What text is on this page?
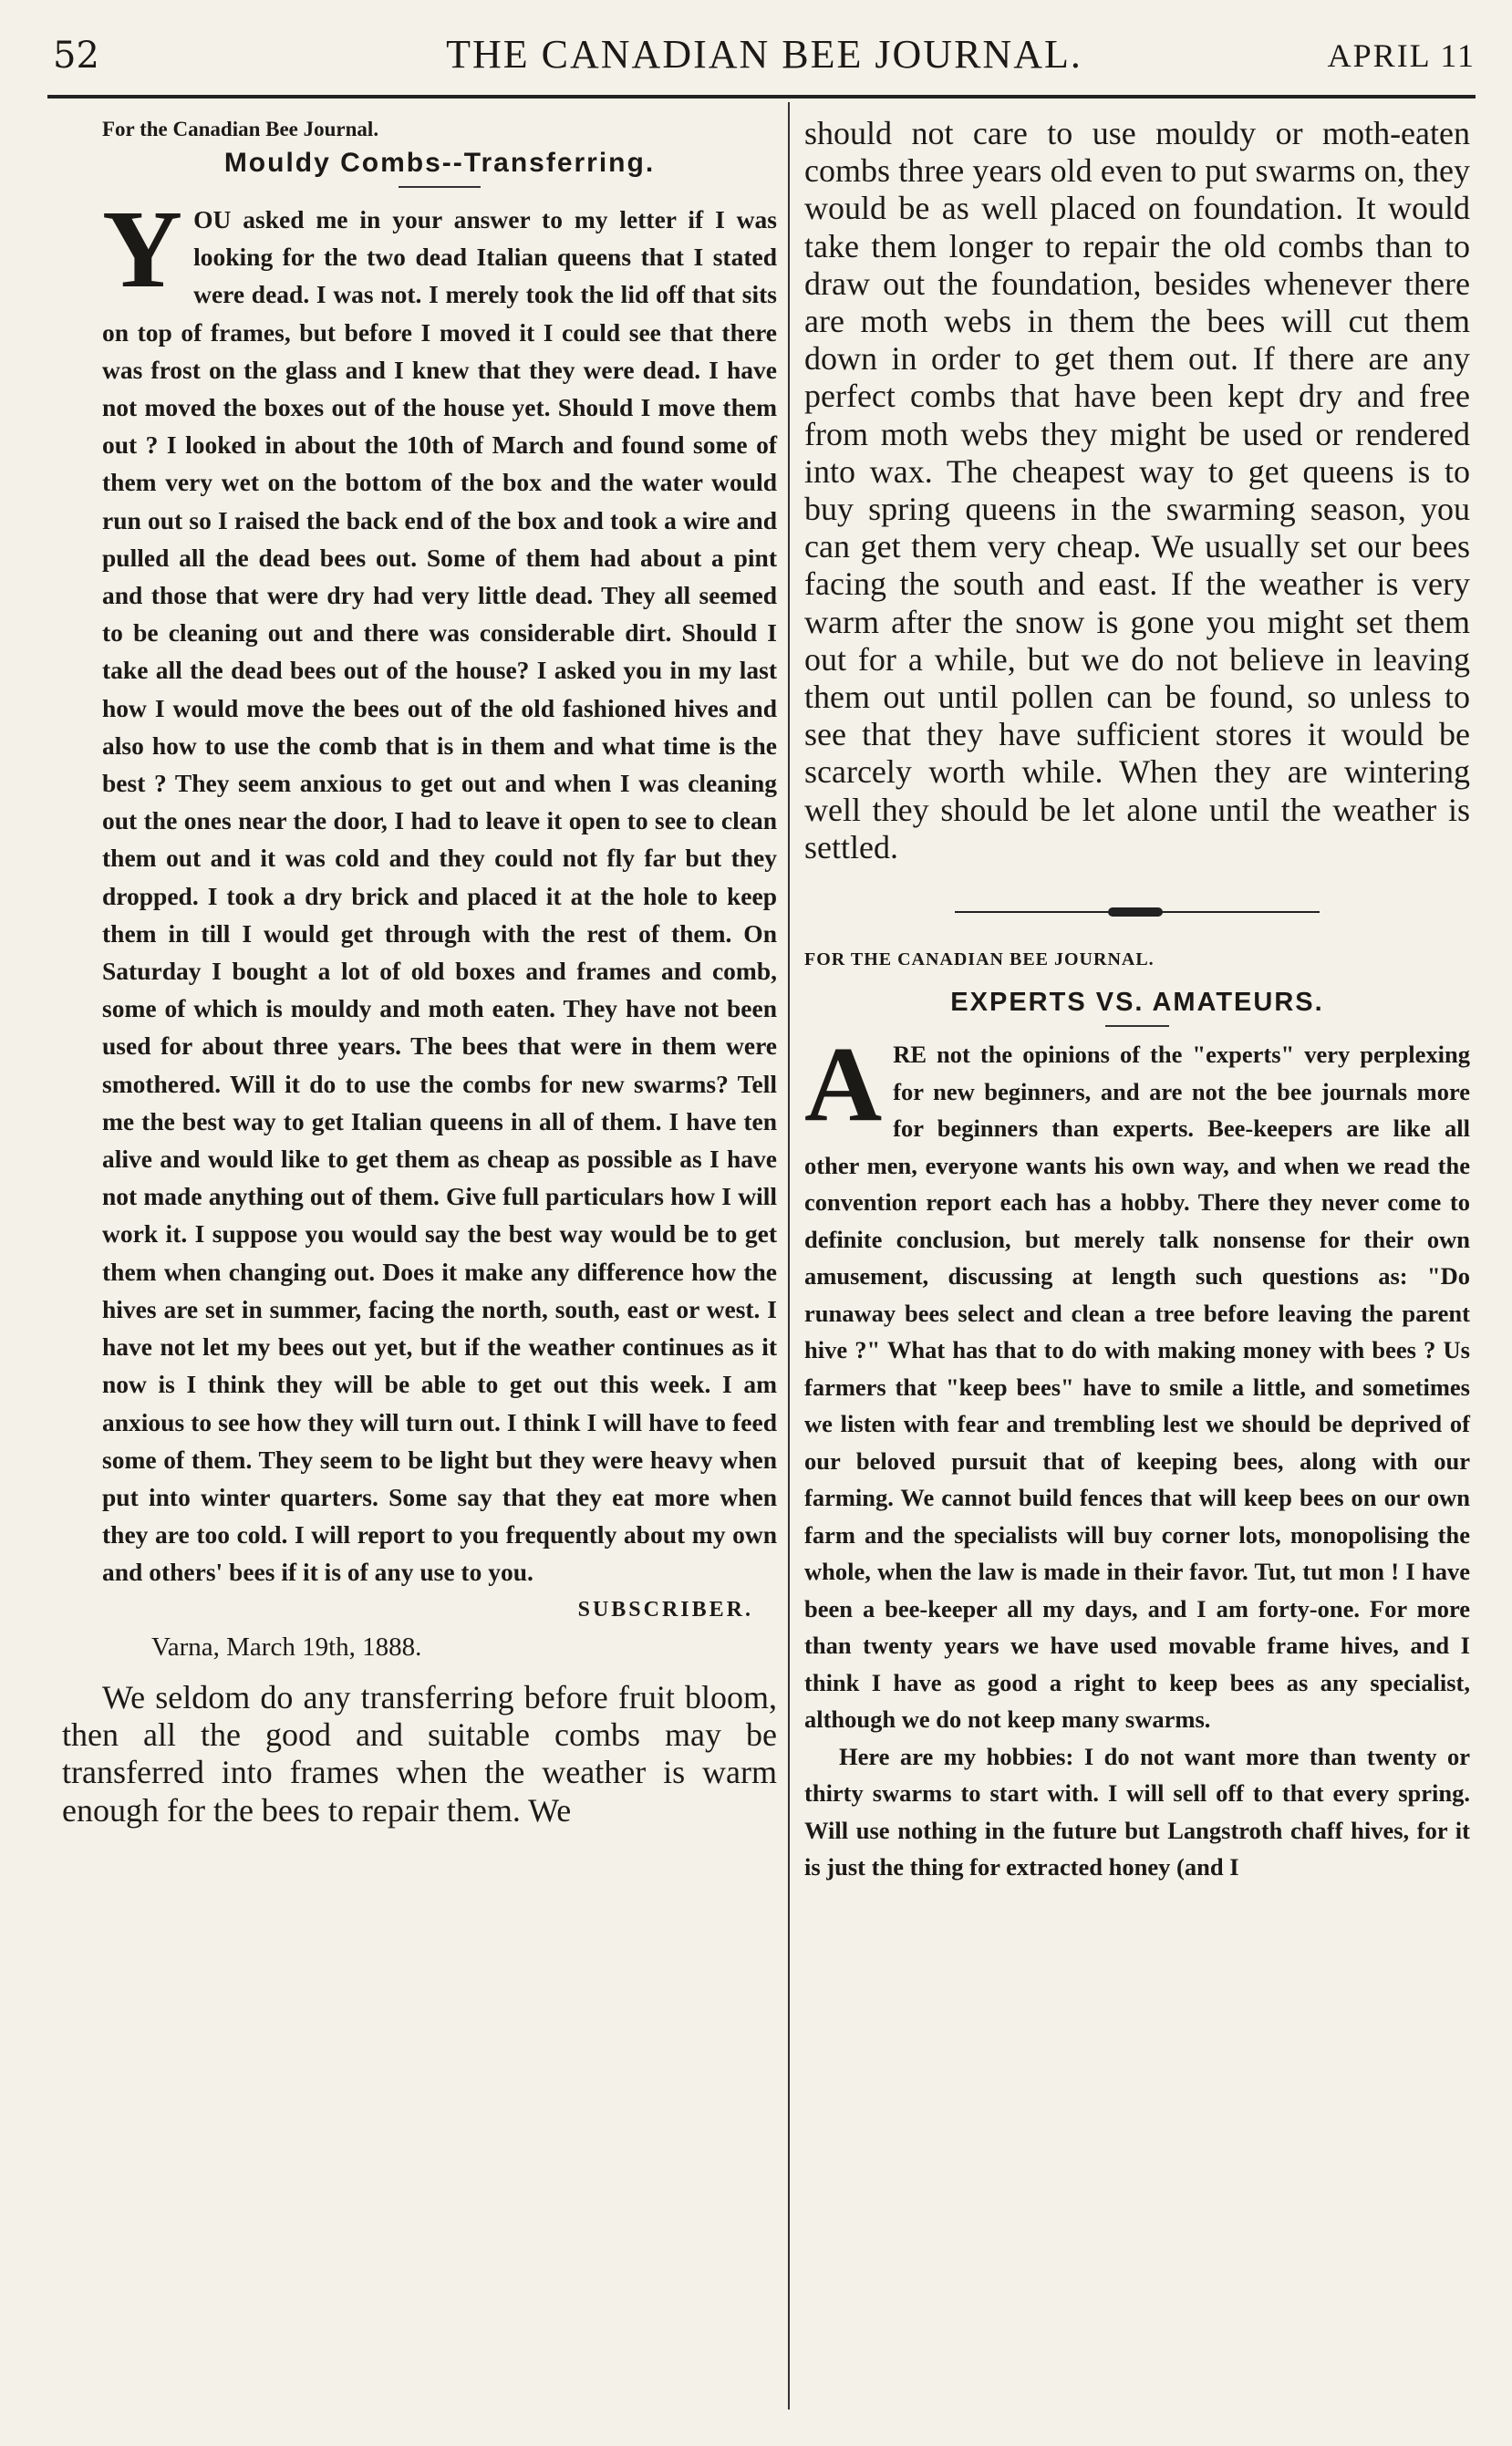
52	THE CANADIAN BEE JOURNAL.	APRIL 11

For the Canadian Bee Journal.

Mouldy Combs--Transferring.

YOU asked me in your answer to my letter if I was looking for the two dead Italian queens that I stated were dead. I was not. I merely took the lid off that sits on top of frames, but before I moved it I could see that there was frost on the glass and I knew that they were dead. I have not moved the boxes out of the house yet. Should I move them out ? I looked in about the 10th of March and found some of them very wet on the bottom of the box and the water would run out so I raised the back end of the box and took a wire and pulled all the dead bees out. Some of them had about a pint and those that were dry had very little dead. They all seemed to be cleaning out and there was considerable dirt. Should I take all the dead bees out of the house? I asked you in my last how I would move the bees out of the old fashioned hives and also how to use the comb that is in them and what time is the best ? They seem anxious to get out and when I was cleaning out the ones near the door, I had to leave it open to see to clean them out and it was cold and they could not fly far but they dropped. I took a dry brick and placed it at the hole to keep them in till I would get through with the rest of them. On Saturday I bought a lot of old boxes and frames and comb, some of which is mouldy and moth eaten. They have not been used for about three years. The bees that were in them were smothered. Will it do to use the combs for new swarms? Tell me the best way to get Italian queens in all of them. I have ten alive and would like to get them as cheap as possible as I have not made anything out of them. Give full particulars how I will work it. I suppose you would say the best way would be to get them when changing out. Does it make any difference how the hives are set in summer, facing the north, south, east or west. I have not let my bees out yet, but if the weather continues as it now is I think they will be able to get out this week. I am anxious to see how they will turn out. I think I will have to feed some of them. They seem to be light but they were heavy when put into winter quarters. Some say that they eat more when they are too cold. I will report to you frequently about my own and others' bees if it is of any use to you.

SUBSCRIBER.

Varna, March 19th, 1888.

We seldom do any transferring before fruit bloom, then all the good and suitable combs may be transferred into frames when the weather is warm enough for the bees to repair them. We

should not care to use mouldy or moth-eaten combs three years old even to put swarms on, they would be as well placed on foundation. It would take them longer to repair the old combs than to draw out the foundation, besides whenever there are moth webs in them the bees will cut them down in order to get them out. If there are any perfect combs that have been kept dry and free from moth webs they might be used or rendered into wax. The cheapest way to get queens is to buy spring queens in the swarming season, you can get them very cheap. We usually set our bees facing the south and east. If the weather is very warm after the snow is gone you might set them out for a while, but we do not believe in leaving them out until pollen can be found, so unless to see that they have sufficient stores it would be scarcely worth while. When they are wintering well they should be let alone until the weather is settled.

FOR THE CANADIAN BEE JOURNAL.

EXPERTS VS. AMATEURS.

ARE not the opinions of the "experts" very perplexing for new beginners, and are not the bee journals more for beginners than experts. Bee-keepers are like all other men, everyone wants his own way, and when we read the convention report each has a hobby. There they never come to definite conclusion, but merely talk nonsense for their own amusement, discussing at length such questions as: "Do runaway bees select and clean a tree before leaving the parent hive ?" What has that to do with making money with bees ? Us farmers that "keep bees" have to smile a little, and sometimes we listen with fear and trembling lest we should be deprived of our beloved pursuit that of keeping bees, along with our farming. We cannot build fences that will keep bees on our own farm and the specialists will buy corner lots, monopolising the whole, when the law is made in their favor. Tut, tut mon ! I have been a bee-keeper all my days, and I am forty-one. For more than twenty years we have used movable frame hives, and I think I have as good a right to keep bees as any specialist, although we do not keep many swarms.

Here are my hobbies: I do not want more than twenty or thirty swarms to start with. I will sell off to that every spring. Will use nothing in the future but Langstroth chaff hives, for it is just the thing for extracted honey (and I
